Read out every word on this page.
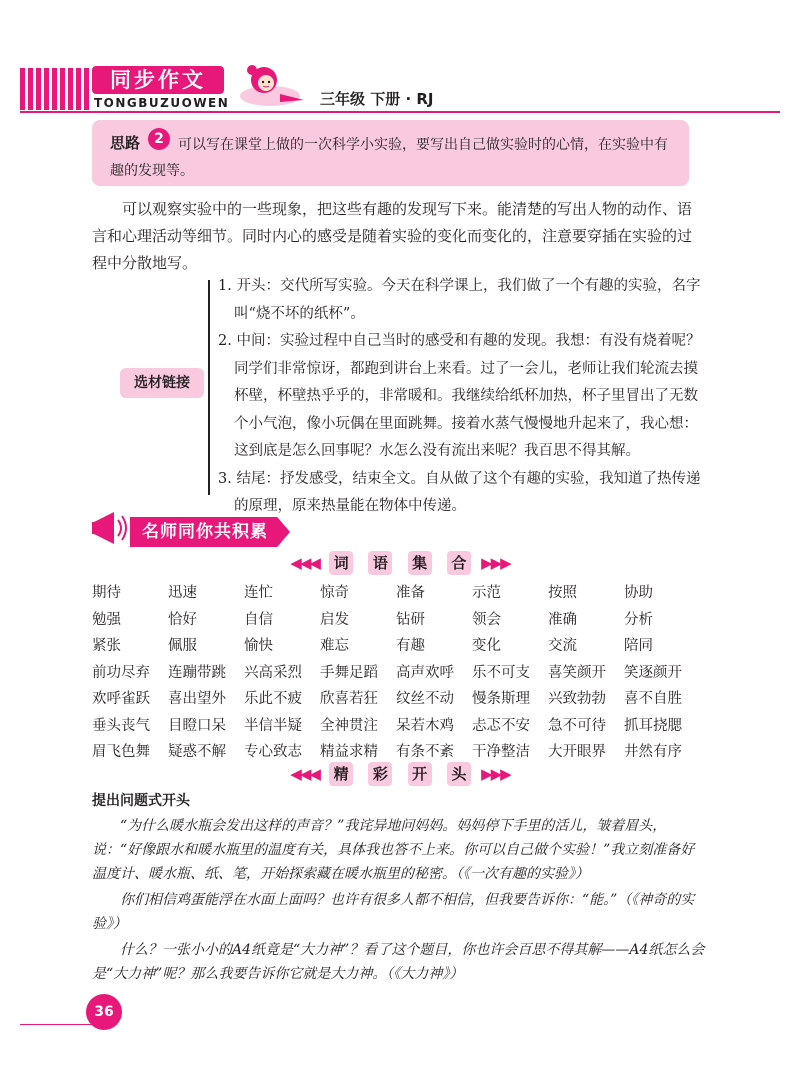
同步作文
TONGBUZUOWEN	三年级 下册 · RJ
可以写在课堂上做的一次科学小实验，要写出自己做实验时的心情，在实验中有趣的发现等。
思路	2
可以观察实验中的一些现象，把这些有趣的发现写下来。能清楚的写出人物的动作、语言和心理活动等细节。同时内心的感受是随着实验的变化而变化的，注意要穿插在实验的过程中分散地写。
选材链接

1. 开头：交代所写实验。今天在科学课上，我们做了一个有趣的实验，名字叫“烧不坏的纸杯”。

2. 中间：实验过程中自己当时的感受和有趣的发现。我想：有没有烧着呢？同学们非常惊讶，都跑到讲台上来看。过了一会儿，老师让我们轮流去摸杯壁，杯壁热乎乎的，非常暖和。我继续给纸杯加热，杯子里冒出了无数个小气泡，像小玩偶在里面跳舞。接着水蒸气慢慢地升起来了，我心想：这到底是怎么回事呢？水怎么没有流出来呢？我百思不得其解。

3. 结尾：抒发感受，结束全文。自从做了这个有趣的实验，我知道了热传递的原理，原来热量能在物体中传递。

名师同你共积累
◀◀◀ 词 语 集 合 ▶▶▶
期待	迅速	连忙	惊奇	准备	示范	按照	协助
勉强	恰好	自信	启发	钻研	领会	准确	分析
紧张	佩服	愉快	难忘	有趣	变化	交流	陪同
前功尽弃	连蹦带跳	兴高采烈	手舞足蹈	高声欢呼	乐不可支	喜笑颜开	笑逐颜开
欢呼雀跃	喜出望外	乐此不疲	欣喜若狂	纹丝不动	慢条斯理	兴致勃勃	喜不自胜
垂头丧气	目瞪口呆	半信半疑	全神贯注	呆若木鸡	忐忑不安	急不可待	抓耳挠腮
眉飞色舞	疑惑不解	专心致志	精益求精	有条不紊	干净整洁	大开眼界	井然有序
◀◀◀ 精 彩 开 头 ▶▶▶
提出问题式开头

“为什么暖水瓶会发出这样的声音？”我诧异地问妈妈。妈妈停下手里的活儿，皱着眉头，说：“好像跟水和暖水瓶里的温度有关，具体我也答不上来。你可以自己做个实验！”我立刻准备好温度计、暖水瓶、纸、笔，开始探索藏在暖水瓶里的秘密。（《一次有趣的实验》）

你们相信鸡蛋能浮在水面上面吗？也许有很多人都不相信，但我要告诉你：“能。”（《神奇的实验》）

什么？一张小小的A4纸竟是“大力神”？看了这个题目，你也许会百思不得其解——A4纸怎么会是“大力神”呢？那么我要告诉你它就是大力神。（《大力神》）

36
